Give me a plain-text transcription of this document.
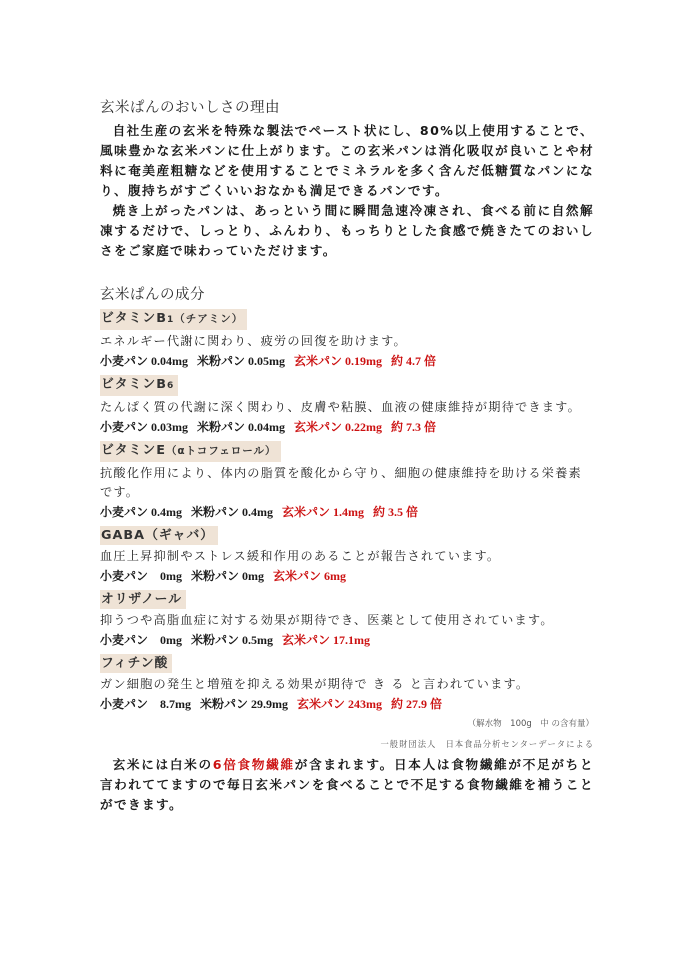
玄米ぱんのおいしさの理由

自社生産の玄米を特殊な製法でペースト状にし、80%以上使用することで、風味豊かな玄米パンに仕上がります。この玄米パンは消化吸収が良いことや材料に奄美産粗糖などを使用することでミネラルを多く含んだ低糖質なパンになり、腹持ちがすごくいいおなかも満足できるパンです。

焼き上がったパンは、あっという間に瞬間急速冷凍され、食べる前に自然解凍するだけで、しっとり、ふんわり、もっちりとした食感で焼きたてのおいしさをご家庭で味わっていただけます。

玄米ぱんの成分

ビタミンB1（チアミン）

エネルギー代謝に関わり、疲労の回復を助けます。

小麦パン 0.04mg 米粉パン 0.05mg 玄米パン 0.19mg 約 4.7 倍

ビタミンB6

たんぱく質の代謝に深く関わり、皮膚や粘膜、血液の健康維持が期待できます。

小麦パン 0.03mg 米粉パン 0.04mg 玄米パン 0.22mg 約 7.3 倍

ビタミンE（αトコフェロール）

抗酸化作用により、体内の脂質を酸化から守り、細胞の健康維持を助ける栄養素です。

小麦パン 0.4mg 米粉パン 0.4mg 玄米パン 1.4mg 約 3.5 倍

GABA（ギャバ）

血圧上昇抑制やストレス緩和作用のあることが報告されています。

小麦パン　0mg 米粉パン 0mg 玄米パン 6mg

オリザノール

抑うつや高脂血症に対する効果が期待でき、医薬として使用されています。

小麦パン　0mg 米粉パン 0.5mg 玄米パン 17.1mg

フィチン酸

ガン細胞の発生と増殖を抑える効果が期待で き る と言われています。

小麦パン　8.7mg 米粉パン 29.9mg 玄米パン 243mg 約 27.9 倍

（解水物　100g　中 の含有量）

一般財団法人　日本食品分析センターデータによる

玄米には白米の6倍食物繊維が含まれます。日本人は食物繊維が不足がちと言われててますので毎日玄米パンを食べることで不足する食物繊維を補うことができます。
